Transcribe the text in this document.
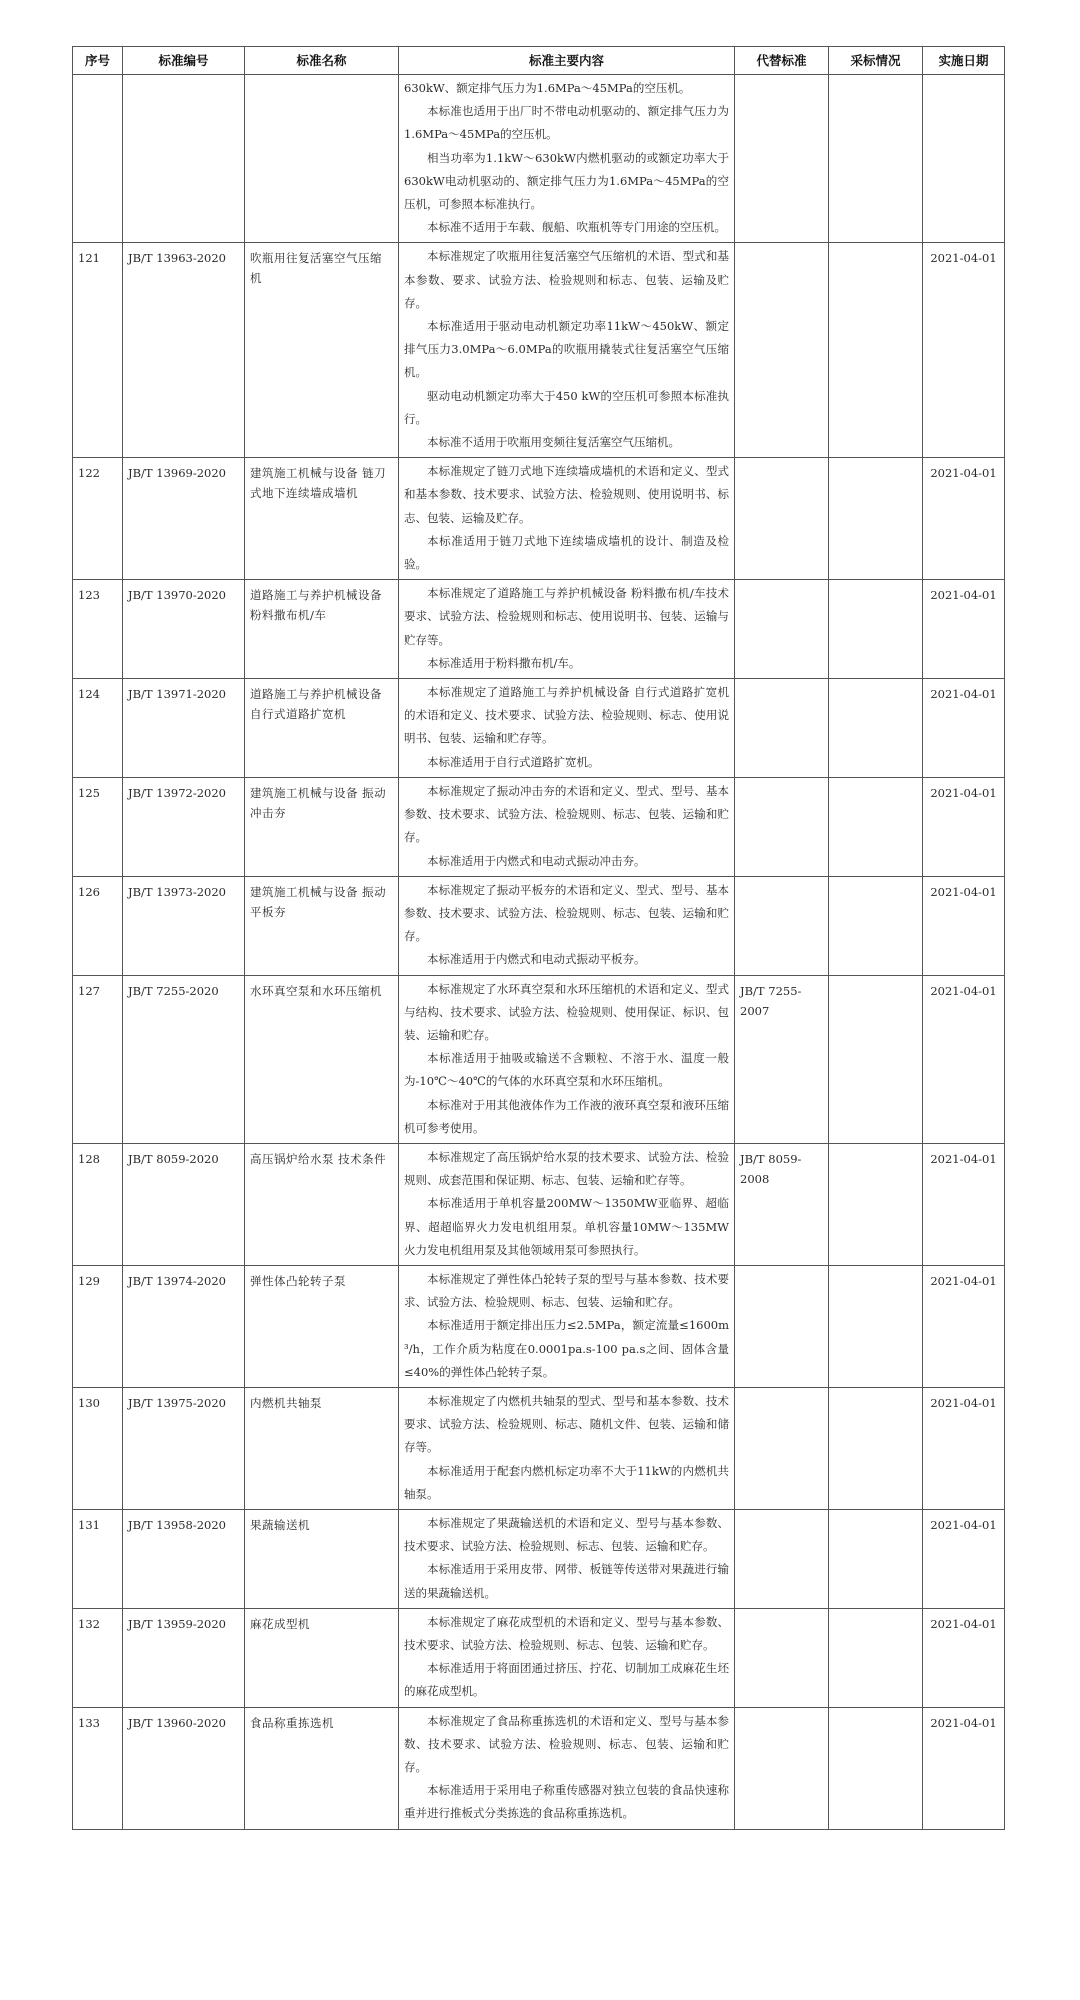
序号	标准编号	标准名称	标准主要内容	代替标准	采标情况	实施日期

			630kW、额定排气压力为1.6MPa～45MPa的空压机。
本标准也适用于出厂时不带电动机驱动的、额定排气压力为1.6MPa～45MPa的空压机。
相当功率为1.1kW～630kW内燃机驱动的或额定功率大于630kW电动机驱动的、额定排气压力为1.6MPa～45MPa的空压机，可参照本标准执行。
本标准不适用于车载、舰船、吹瓶机等专门用途的空压机。			

121	JB/T 13963-2020	吹瓶用往复活塞空气压缩机	本标准规定了吹瓶用往复活塞空气压缩机的术语、型式和基本参数、要求、试验方法、检验规则和标志、包装、运输及贮存。
本标准适用于驱动电动机额定功率11kW～450kW、额定排气压力3.0MPa～6.0MPa的吹瓶用撬装式往复活塞空气压缩机。
驱动电动机额定功率大于450 kW的空压机可参照本标准执行。
本标准不适用于吹瓶用变频往复活塞空气压缩机。			2021-04-01
122	JB/T 13969-2020	建筑施工机械与设备 链刀式地下连续墙成墙机	本标准规定了链刀式地下连续墙成墙机的术语和定义、型式和基本参数、技术要求、试验方法、检验规则、使用说明书、标志、包装、运输及贮存。
本标准适用于链刀式地下连续墙成墙机的设计、制造及检验。			2021-04-01
123	JB/T 13970-2020	道路施工与养护机械设备 粉料撒布机/车	本标准规定了道路施工与养护机械设备 粉料撒布机/车技术要求、试验方法、检验规则和标志、使用说明书、包装、运输与贮存等。
本标准适用于粉料撒布机/车。			2021-04-01
124	JB/T 13971-2020	道路施工与养护机械设备 自行式道路扩宽机	本标准规定了道路施工与养护机械设备 自行式道路扩宽机的术语和定义、技术要求、试验方法、检验规则、标志、使用说明书、包装、运输和贮存等。
本标准适用于自行式道路扩宽机。			2021-04-01
125	JB/T 13972-2020	建筑施工机械与设备 振动冲击夯	本标准规定了振动冲击夯的术语和定义、型式、型号、基本参数、技术要求、试验方法、检验规则、标志、包装、运输和贮存。
本标准适用于内燃式和电动式振动冲击夯。			2021-04-01
126	JB/T 13973-2020	建筑施工机械与设备 振动平板夯	本标准规定了振动平板夯的术语和定义、型式、型号、基本参数、技术要求、试验方法、检验规则、标志、包装、运输和贮存。
本标准适用于内燃式和电动式振动平板夯。			2021-04-01
127	JB/T 7255-2020	水环真空泵和水环压缩机	本标准规定了水环真空泵和水环压缩机的术语和定义、型式与结构、技术要求、试验方法、检验规则、使用保证、标识、包装、运输和贮存。
本标准适用于抽吸或输送不含颗粒、不溶于水、温度一般为-10℃～40℃的气体的水环真空泵和水环压缩机。
本标准对于用其他液体作为工作液的液环真空泵和液环压缩机可参考使用。	JB/T 7255-2007		2021-04-01
128	JB/T 8059-2020	高压锅炉给水泵 技术条件	本标准规定了高压锅炉给水泵的技术要求、试验方法、检验规则、成套范围和保证期、标志、包装、运输和贮存等。
本标准适用于单机容量200MW～1350MW亚临界、超临界、超超临界火力发电机组用泵。单机容量10MW～135MW火力发电机组用泵及其他领域用泵可参照执行。	JB/T 8059-2008		2021-04-01
129	JB/T 13974-2020	弹性体凸轮转子泵	本标准规定了弹性体凸轮转子泵的型号与基本参数、技术要求、试验方法、检验规则、标志、包装、运输和贮存。
本标准适用于额定排出压力≤2.5MPa，额定流量≤1600m³/h，工作介质为粘度在0.0001pa.s-100 pa.s之间、固体含量≤40%的弹性体凸轮转子泵。			2021-04-01
130	JB/T 13975-2020	内燃机共轴泵	本标准规定了内燃机共轴泵的型式、型号和基本参数、技术要求、试验方法、检验规则、标志、随机文件、包装、运输和储存等。
本标准适用于配套内燃机标定功率不大于11kW的内燃机共轴泵。			2021-04-01
131	JB/T 13958-2020	果蔬输送机	本标准规定了果蔬输送机的术语和定义、型号与基本参数、技术要求、试验方法、检验规则、标志、包装、运输和贮存。
本标准适用于采用皮带、网带、板链等传送带对果蔬进行输送的果蔬输送机。			2021-04-01
132	JB/T 13959-2020	麻花成型机	本标准规定了麻花成型机的术语和定义、型号与基本参数、技术要求、试验方法、检验规则、标志、包装、运输和贮存。
本标准适用于将面团通过挤压、拧花、切制加工成麻花生坯的麻花成型机。			2021-04-01
133	JB/T 13960-2020	食品称重拣选机	本标准规定了食品称重拣选机的术语和定义、型号与基本参数、技术要求、试验方法、检验规则、标志、包装、运输和贮存。
本标准适用于采用电子称重传感器对独立包装的食品快速称重并进行推板式分类拣选的食品称重拣选机。			2021-04-01
